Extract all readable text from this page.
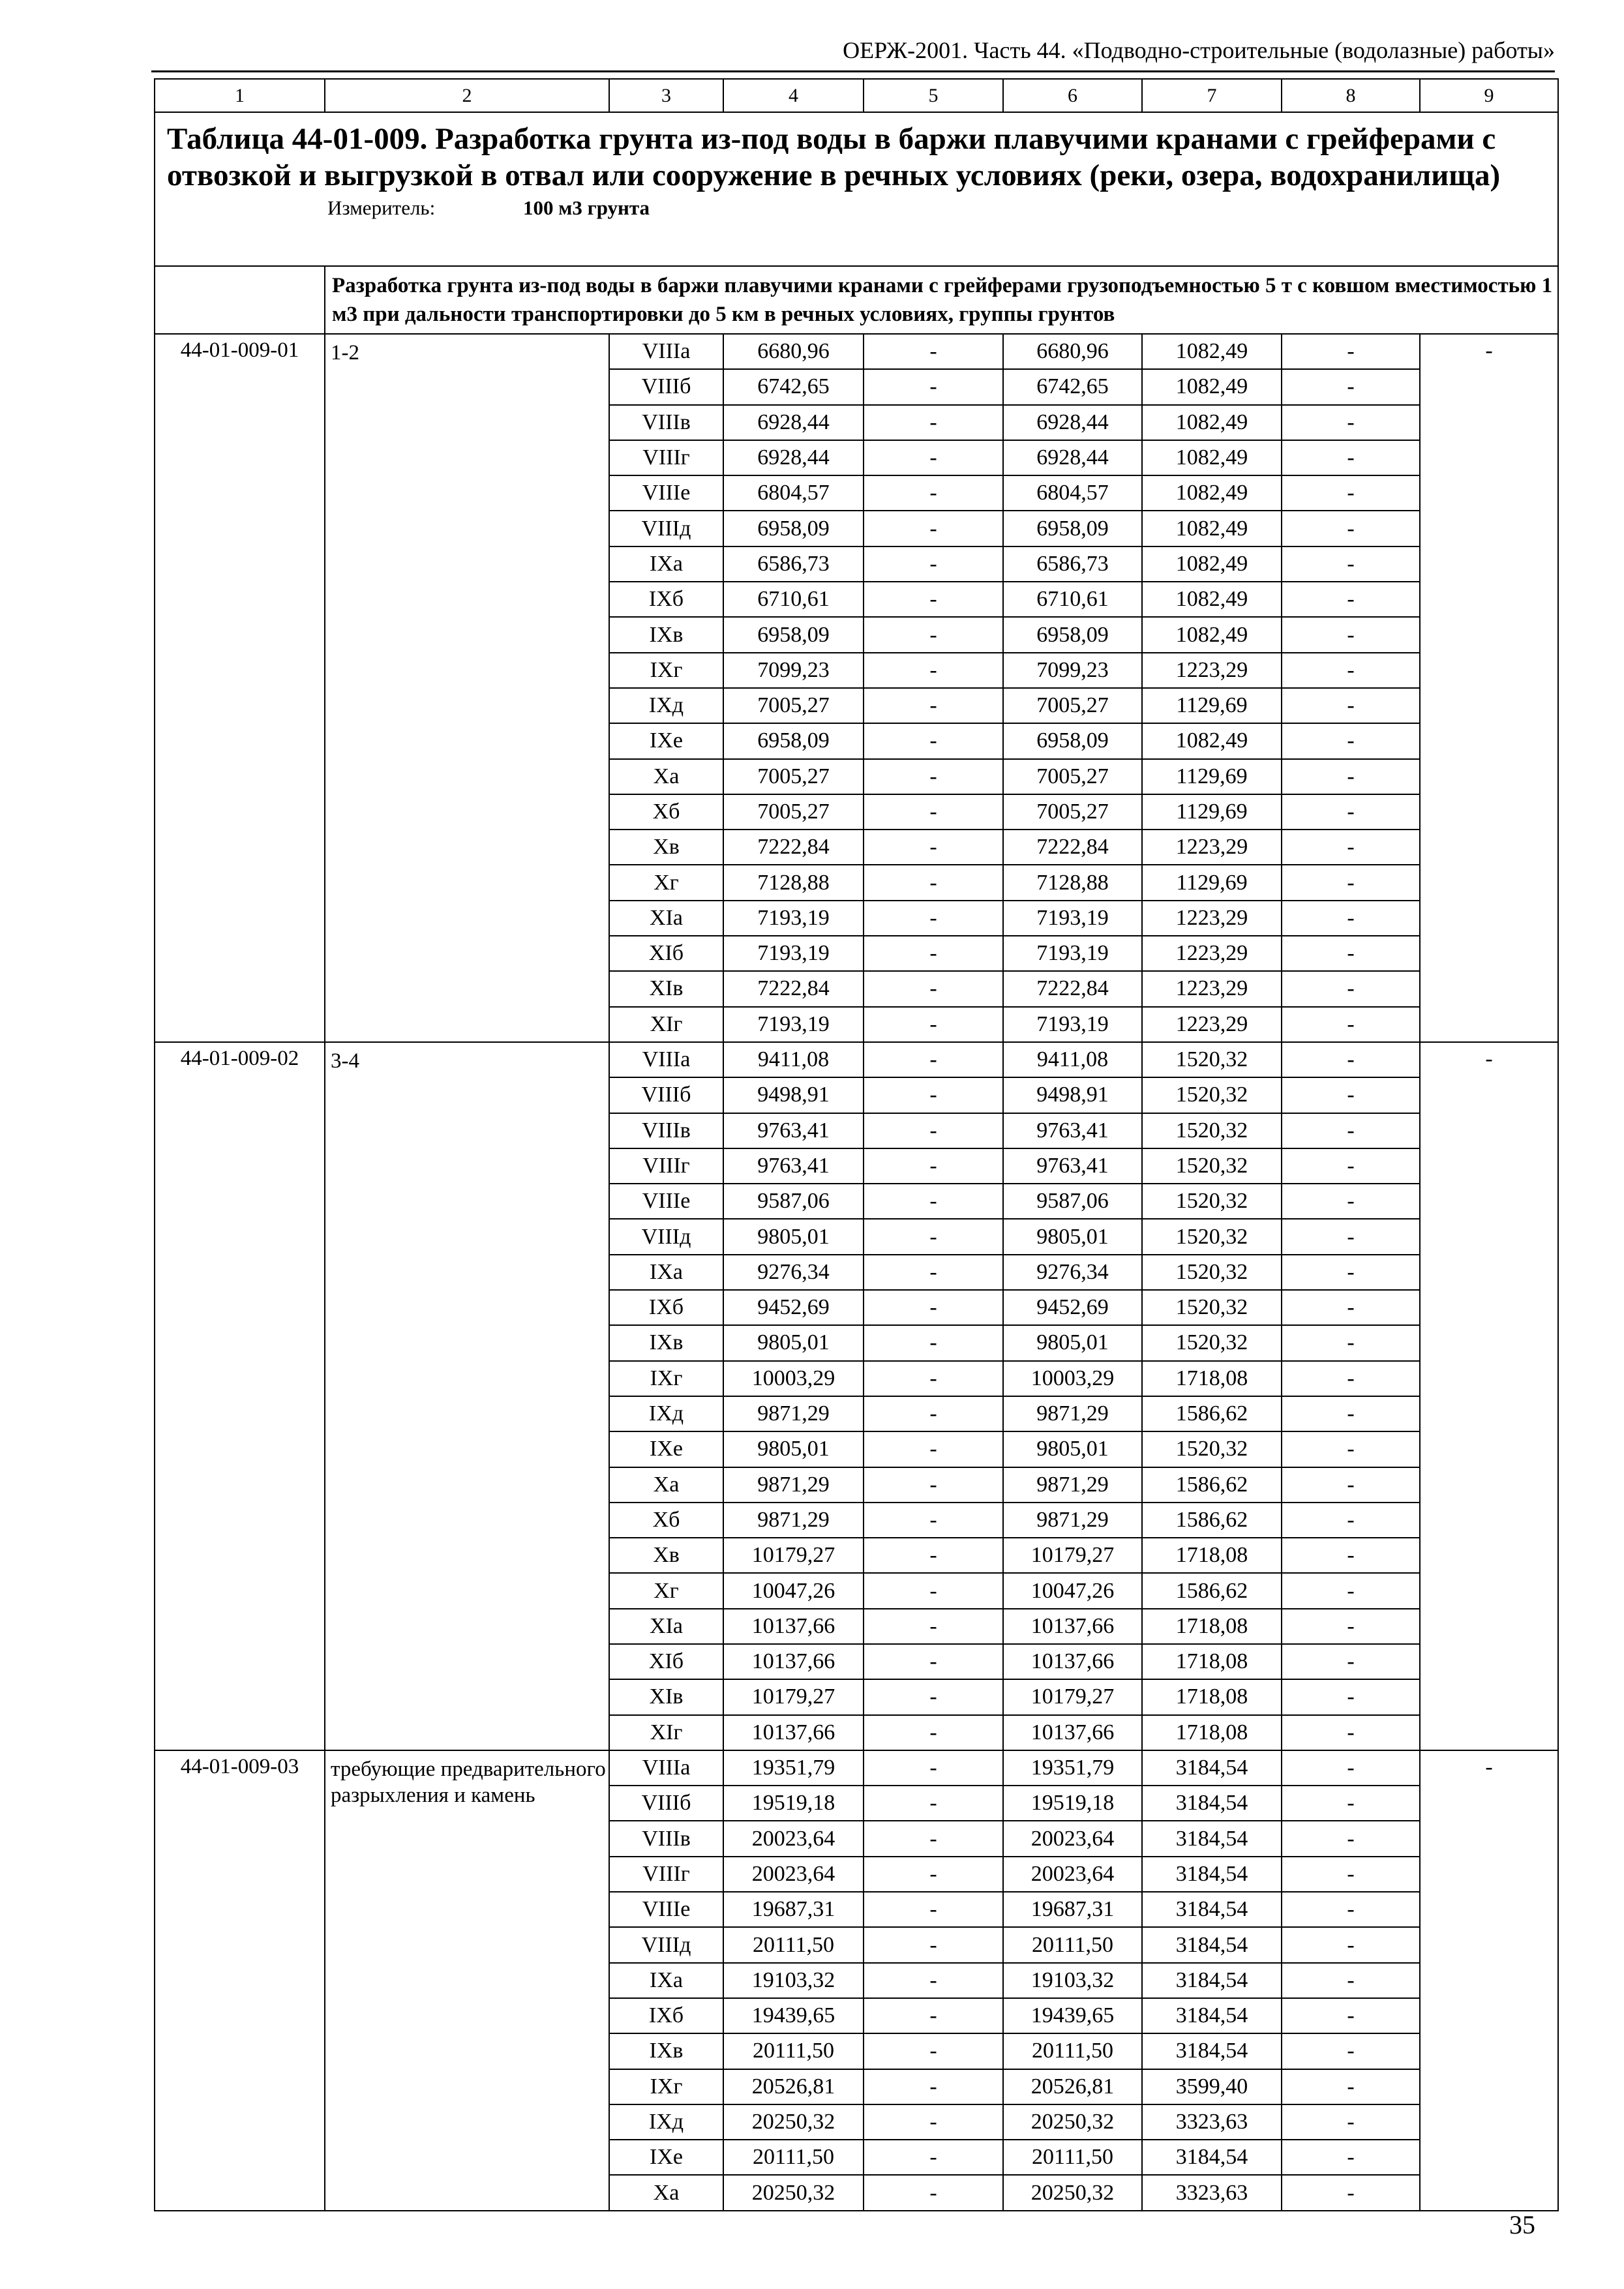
ОЕРЖ-2001. Часть 44. «Подводно-строительные (водолазные) работы»
1	2	3	4	5	6	7	8	9

Таблица 44-01-009. Разработка грунта из-под воды в баржи плавучими кранами с грейферами с отвозкой и выгрузкой в отвал или сооружение в речных условиях (реки, озера, водохранилища)
Измеритель: 100 м3 грунта								

	Разработка грунта из-под воды в баржи плавучими кранами с грейферами грузоподъемностью 5 т с ковшом вместимостью 1 м3 при дальности транспортировки до 5 км в речных условиях, группы грунтов							

44-01-009-01	1-2	VIIIа	6680,96	-	6680,96	1082,49	-	-
		VIIIб	6742,65	-	6742,65	1082,49	-	
		VIIIв	6928,44	-	6928,44	1082,49	-	
		VIIIг	6928,44	-	6928,44	1082,49	-	
		VIIIе	6804,57	-	6804,57	1082,49	-	
		VIIIд	6958,09	-	6958,09	1082,49	-	
		IXа	6586,73	-	6586,73	1082,49	-	
		IXб	6710,61	-	6710,61	1082,49	-	
		IXв	6958,09	-	6958,09	1082,49	-	
		IXг	7099,23	-	7099,23	1223,29	-	
		IXд	7005,27	-	7005,27	1129,69	-	
		IXе	6958,09	-	6958,09	1082,49	-	
		Xа	7005,27	-	7005,27	1129,69	-	
		Xб	7005,27	-	7005,27	1129,69	-	
		Xв	7222,84	-	7222,84	1223,29	-	
		Xг	7128,88	-	7128,88	1129,69	-	
		XIа	7193,19	-	7193,19	1223,29	-	
		XIб	7193,19	-	7193,19	1223,29	-	
		XIв	7222,84	-	7222,84	1223,29	-	
		XIг	7193,19	-	7193,19	1223,29	-	
44-01-009-02	3-4	VIIIа	9411,08	-	9411,08	1520,32	-	-
		VIIIб	9498,91	-	9498,91	1520,32	-	
		VIIIв	9763,41	-	9763,41	1520,32	-	
		VIIIг	9763,41	-	9763,41	1520,32	-	
		VIIIе	9587,06	-	9587,06	1520,32	-	
		VIIIд	9805,01	-	9805,01	1520,32	-	
		IXа	9276,34	-	9276,34	1520,32	-	
		IXб	9452,69	-	9452,69	1520,32	-	
		IXв	9805,01	-	9805,01	1520,32	-	
		IXг	10003,29	-	10003,29	1718,08	-	
		IXд	9871,29	-	9871,29	1586,62	-	
		IXе	9805,01	-	9805,01	1520,32	-	
		Xа	9871,29	-	9871,29	1586,62	-	
		Xб	9871,29	-	9871,29	1586,62	-	
		Xв	10179,27	-	10179,27	1718,08	-	
		Xг	10047,26	-	10047,26	1586,62	-	
		XIа	10137,66	-	10137,66	1718,08	-	
		XIб	10137,66	-	10137,66	1718,08	-	
		XIв	10179,27	-	10179,27	1718,08	-	
		XIг	10137,66	-	10137,66	1718,08	-	
44-01-009-03	требующие предварительного разрыхления и камень	VIIIа	19351,79	-	19351,79	3184,54	-	-
		VIIIб	19519,18	-	19519,18	3184,54	-	
		VIIIв	20023,64	-	20023,64	3184,54	-	
		VIIIг	20023,64	-	20023,64	3184,54	-	
		VIIIе	19687,31	-	19687,31	3184,54	-	
		VIIIд	20111,50	-	20111,50	3184,54	-	
		IXа	19103,32	-	19103,32	3184,54	-	
		IXб	19439,65	-	19439,65	3184,54	-	
		IXв	20111,50	-	20111,50	3184,54	-	
		IXг	20526,81	-	20526,81	3599,40	-	
		IXд	20250,32	-	20250,32	3323,63	-	
		IXе	20111,50	-	20111,50	3184,54	-	
		Xа	20250,32	-	20250,32	3323,63	-	
35
